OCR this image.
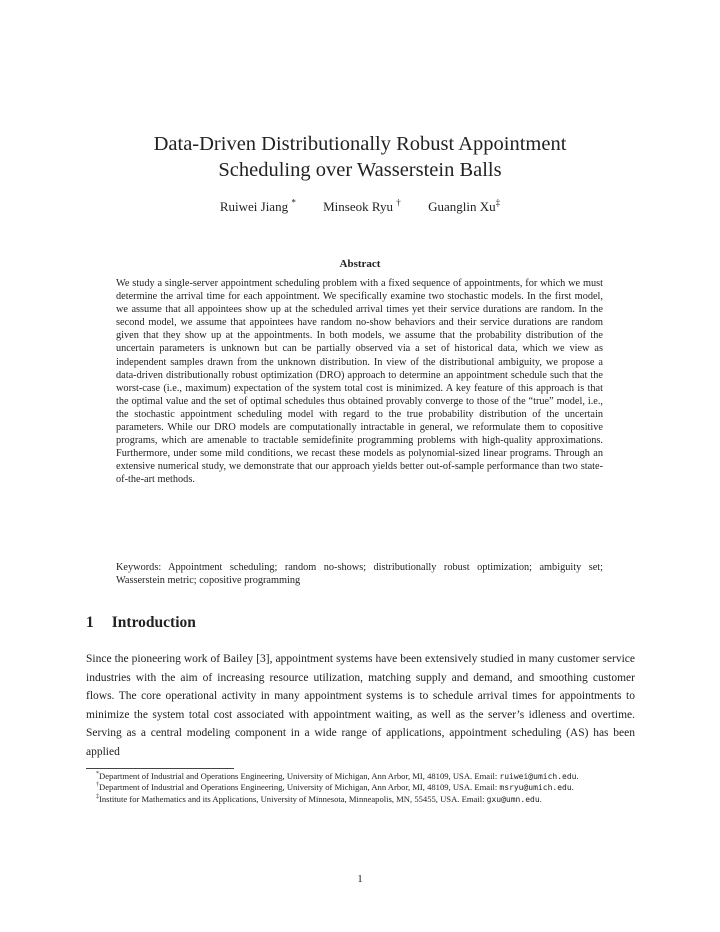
Data-Driven Distributionally Robust Appointment
Scheduling over Wasserstein Balls
Ruiwei Jiang * Minseok Ryu † Guanglin Xu‡
Abstract
We study a single-server appointment scheduling problem with a fixed sequence of appointments, for which we must determine the arrival time for each appointment. We specifically examine two stochastic models. In the first model, we assume that all appointees show up at the scheduled arrival times yet their service durations are random. In the second model, we assume that appointees have random no-show behaviors and their service durations are random given that they show up at the appointments. In both models, we assume that the probability distribution of the uncertain parameters is unknown but can be partially observed via a set of historical data, which we view as independent samples drawn from the unknown distribution. In view of the distributional ambiguity, we propose a data-driven distributionally robust optimization (DRO) approach to determine an appointment schedule such that the worst-case (i.e., maximum) expectation of the system total cost is minimized. A key feature of this approach is that the optimal value and the set of optimal schedules thus obtained provably converge to those of the “true” model, i.e., the stochastic appointment scheduling model with regard to the true probability distribution of the uncertain parameters. While our DRO models are computationally intractable in general, we reformulate them to copositive programs, which are amenable to tractable semidefinite programming problems with high-quality approximations. Furthermore, under some mild conditions, we recast these models as polynomial-sized linear programs. Through an extensive numerical study, we demonstrate that our approach yields better out-of-sample performance than two state-of-the-art methods.
Keywords: Appointment scheduling; random no-shows; distributionally robust optimization; ambiguity set; Wasserstein metric; copositive programming
1 Introduction
Since the pioneering work of Bailey [3], appointment systems have been extensively studied in many customer service industries with the aim of increasing resource utilization, matching supply and demand, and smoothing customer flows. The core operational activity in many appointment systems is to schedule arrival times for appointments to minimize the system total cost associated with appointment waiting, as well as the server’s idleness and overtime. Serving as a central modeling component in a wide range of applications, appointment scheduling (AS) has been applied

*Department of Industrial and Operations Engineering, University of Michigan, Ann Arbor, MI, 48109, USA. Email: ruiwei@umich.edu.

†Department of Industrial and Operations Engineering, University of Michigan, Ann Arbor, MI, 48109, USA. Email: msryu@umich.edu.

‡Institute for Mathematics and its Applications, University of Minnesota, Minneapolis, MN, 55455, USA. Email: gxu@umn.edu.

1
